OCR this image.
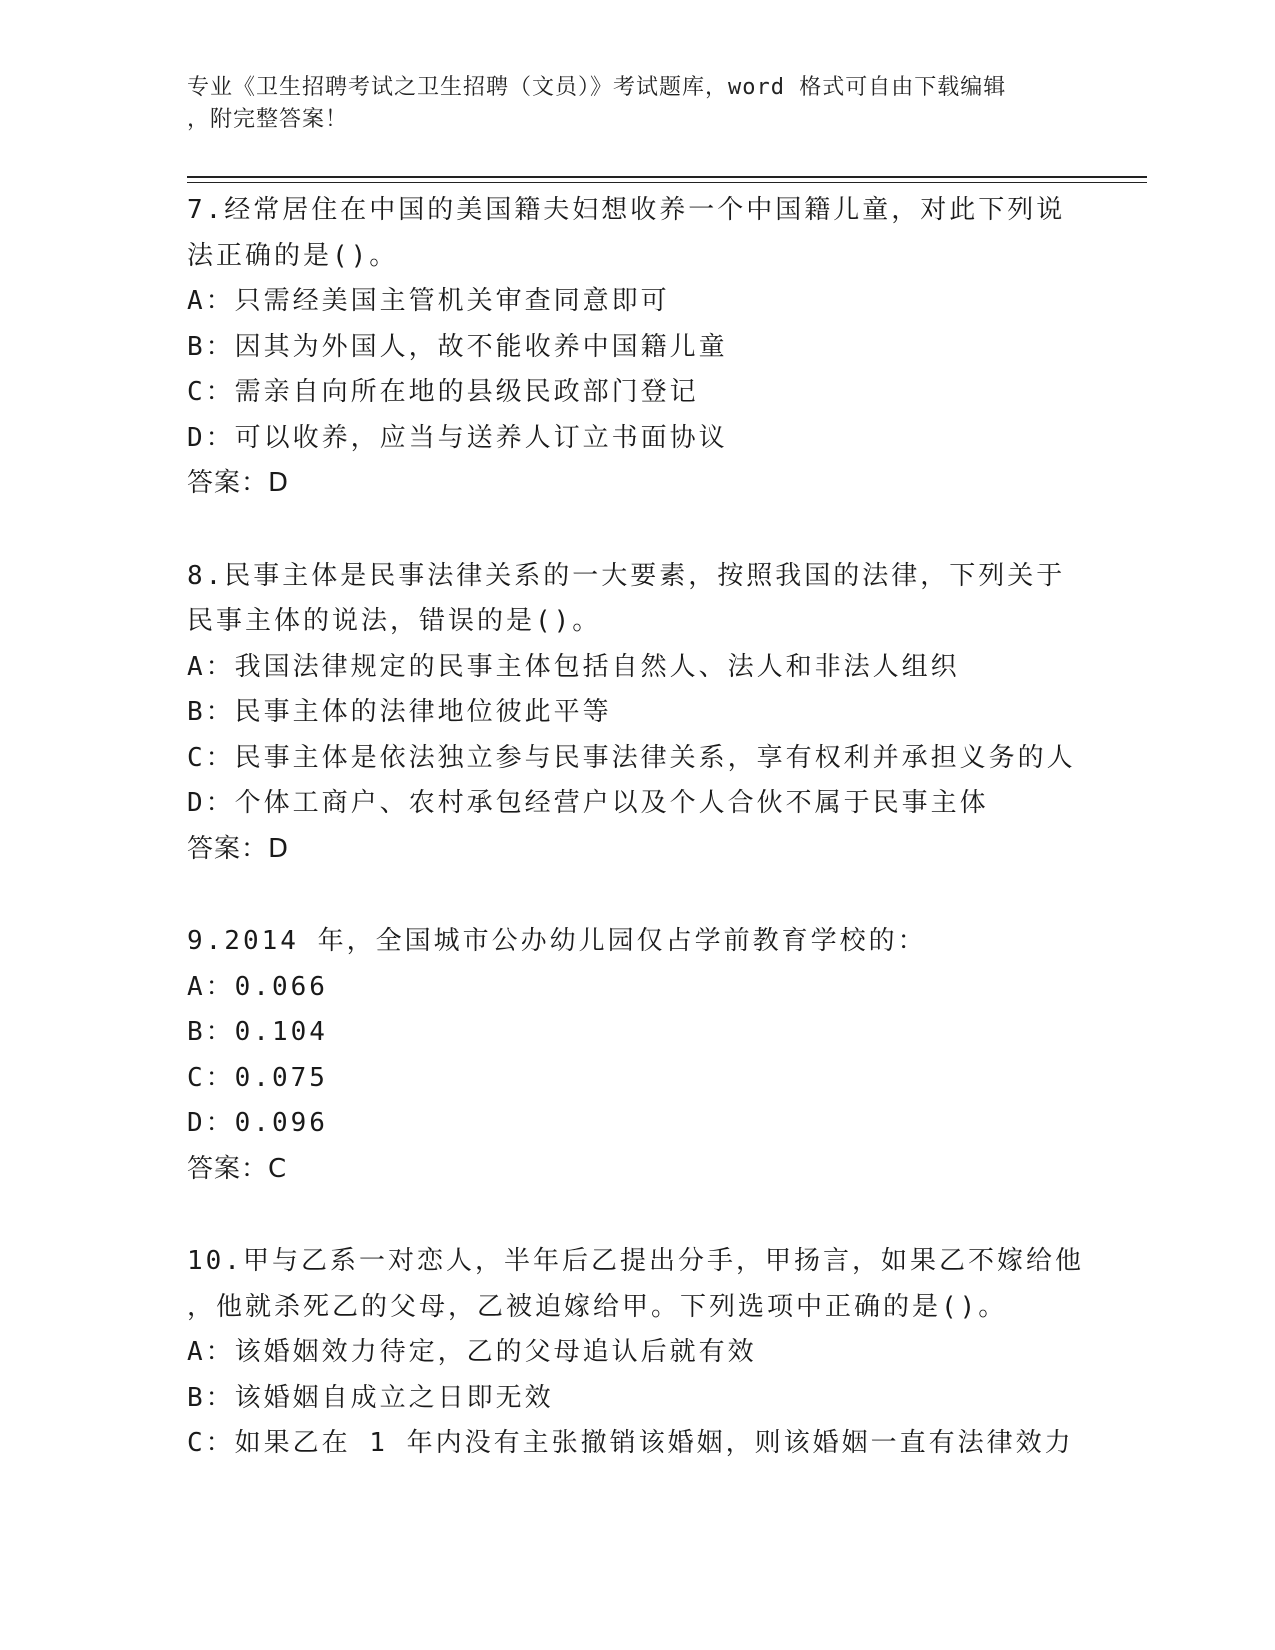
专业《卫生招聘考试之卫生招聘（文员）》考试题库，word 格式可自由下载编辑
，附完整答案！
7.经常居住在中国的美国籍夫妇想收养一个中国籍儿童，对此下列说
法正确的是()。
A：只需经美国主管机关审查同意即可
B：因其为外国人，故不能收养中国籍儿童
C：需亲自向所在地的县级民政部门登记
D：可以收养，应当与送养人订立书面协议
答案：D
8.民事主体是民事法律关系的一大要素，按照我国的法律，下列关于
民事主体的说法，错误的是()。
A：我国法律规定的民事主体包括自然人、法人和非法人组织
B：民事主体的法律地位彼此平等
C：民事主体是依法独立参与民事法律关系，享有权利并承担义务的人
D：个体工商户、农村承包经营户以及个人合伙不属于民事主体
答案：D
9.2014 年，全国城市公办幼儿园仅占学前教育学校的：
A：0.066
B：0.104
C：0.075
D：0.096
答案：C
10.甲与乙系一对恋人，半年后乙提出分手，甲扬言，如果乙不嫁给他
，他就杀死乙的父母，乙被迫嫁给甲。下列选项中正确的是()。
A：该婚姻效力待定，乙的父母追认后就有效
B：该婚姻自成立之日即无效
C：如果乙在 1 年内没有主张撤销该婚姻，则该婚姻一直有法律效力
